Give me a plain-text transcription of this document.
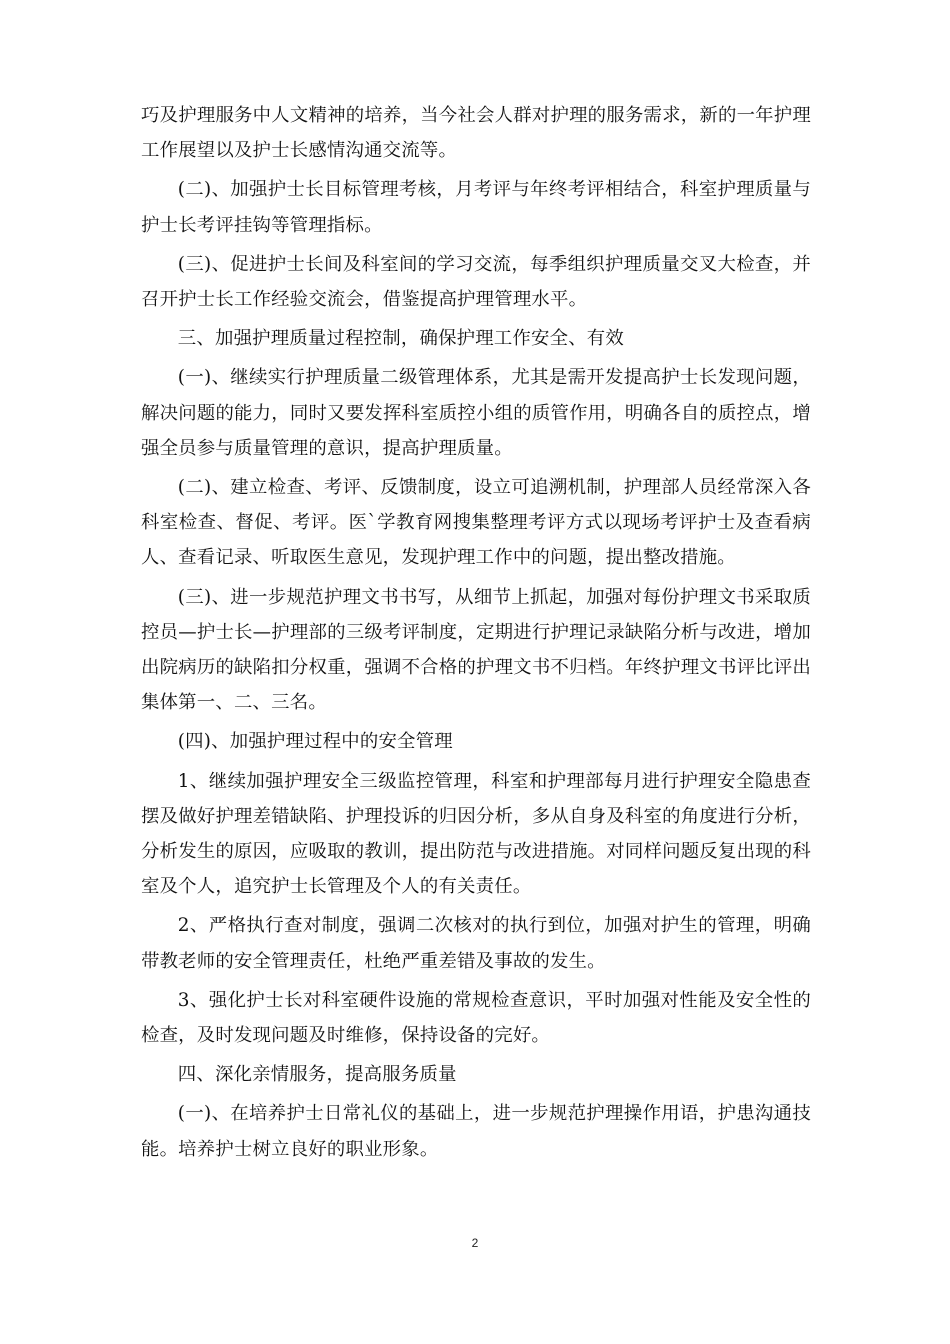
巧及护理服务中人文精神的培养，当今社会人群对护理的服务需求，新的一年护理工作展望以及护士长感情沟通交流等。

(二)、加强护士长目标管理考核，月考评与年终考评相结合，科室护理质量与护士长考评挂钩等管理指标。

(三)、促进护士长间及科室间的学习交流，每季组织护理质量交叉大检查，并召开护士长工作经验交流会，借鉴提高护理管理水平。

三、加强护理质量过程控制，确保护理工作安全、有效

(一)、继续实行护理质量二级管理体系，尤其是需开发提高护士长发现问题，解决问题的能力，同时又要发挥科室质控小组的质管作用，明确各自的质控点，增强全员参与质量管理的意识，提高护理质量。

(二)、建立检查、考评、反馈制度，设立可追溯机制，护理部人员经常深入各科室检查、督促、考评。医`学教育网搜集整理考评方式以现场考评护士及查看病人、查看记录、听取医生意见，发现护理工作中的问题，提出整改措施。

(三)、进一步规范护理文书书写，从细节上抓起，加强对每份护理文书采取质控员—护士长—护理部的三级考评制度，定期进行护理记录缺陷分析与改进，增加出院病历的缺陷扣分权重，强调不合格的护理文书不归档。年终护理文书评比评出集体第一、二、三名。

(四)、加强护理过程中的安全管理

1、继续加强护理安全三级监控管理，科室和护理部每月进行护理安全隐患查摆及做好护理差错缺陷、护理投诉的归因分析，多从自身及科室的角度进行分析，分析发生的原因，应吸取的教训，提出防范与改进措施。对同样问题反复出现的科室及个人，追究护士长管理及个人的有关责任。

2、严格执行查对制度，强调二次核对的执行到位，加强对护生的管理，明确带教老师的安全管理责任，杜绝严重差错及事故的发生。

3、强化护士长对科室硬件设施的常规检查意识，平时加强对性能及安全性的检查，及时发现问题及时维修，保持设备的完好。

四、深化亲情服务，提高服务质量

(一)、在培养护士日常礼仪的基础上，进一步规范护理操作用语，护患沟通技能。培养护士树立良好的职业形象。

2
